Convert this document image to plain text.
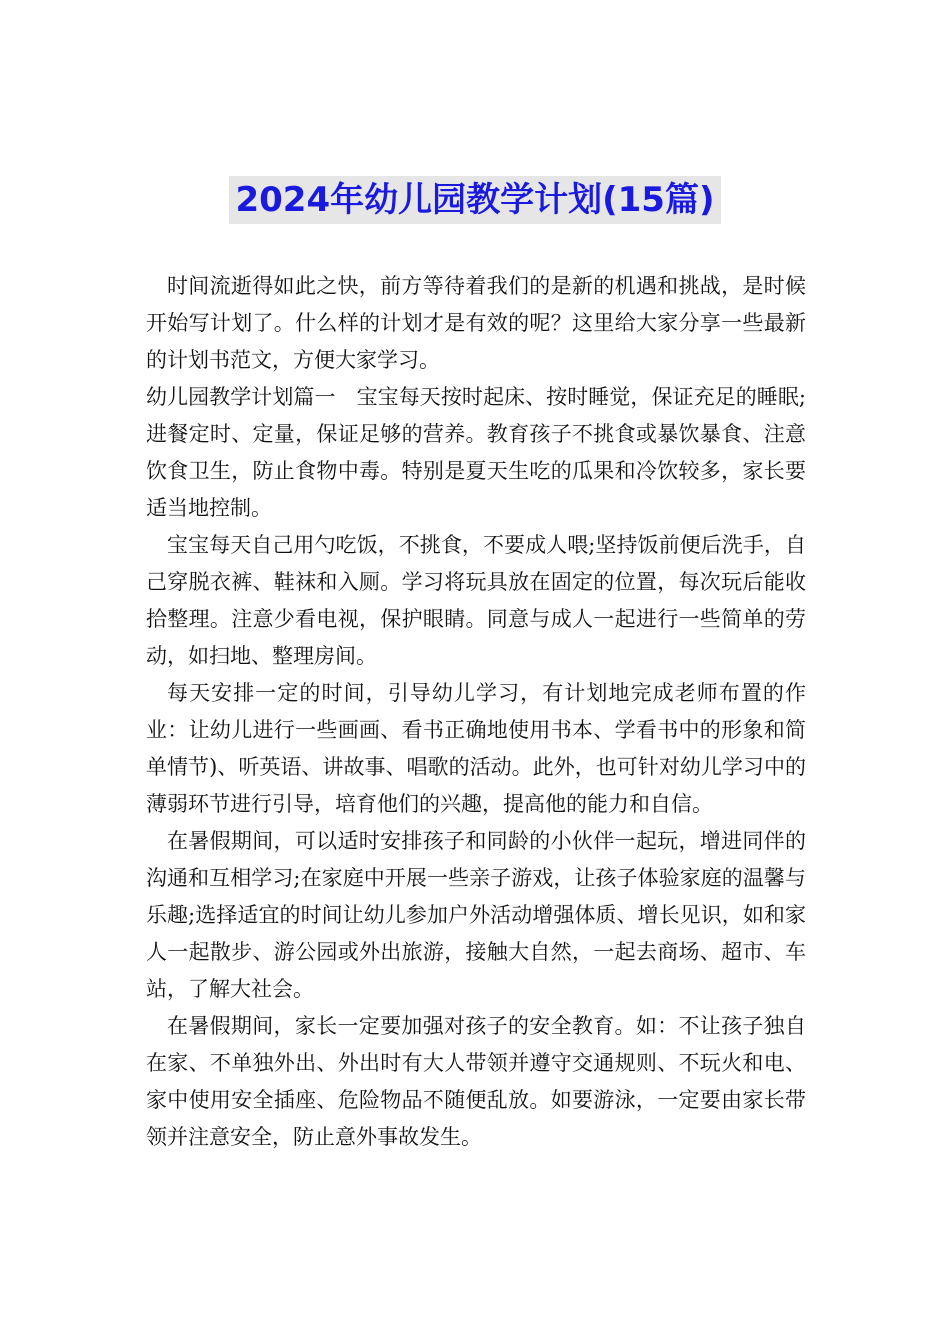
2024年幼儿园教学计划(15篇)

时间流逝得如此之快，前方等待着我们的是新的机遇和挑战，是时候开始写计划了。什么样的计划才是有效的呢？这里给大家分享一些最新的计划书范文，方便大家学习。

幼儿园教学计划篇一　宝宝每天按时起床、按时睡觉，保证充足的睡眠;进餐定时、定量，保证足够的营养。教育孩子不挑食或暴饮暴食、注意饮食卫生，防止食物中毒。特别是夏天生吃的瓜果和冷饮较多，家长要适当地控制。

宝宝每天自己用勺吃饭，不挑食，不要成人喂;坚持饭前便后洗手，自己穿脱衣裤、鞋袜和入厕。学习将玩具放在固定的位置，每次玩后能收拾整理。注意少看电视，保护眼睛。同意与成人一起进行一些简单的劳动，如扫地、整理房间。

每天安排一定的时间，引导幼儿学习，有计划地完成老师布置的作业：让幼儿进行一些画画、看书正确地使用书本、学看书中的形象和简单情节)、听英语、讲故事、唱歌的活动。此外，也可针对幼儿学习中的薄弱环节进行引导，培育他们的兴趣，提高他的能力和自信。

在暑假期间，可以适时安排孩子和同龄的小伙伴一起玩，增进同伴的沟通和互相学习;在家庭中开展一些亲子游戏，让孩子体验家庭的温馨与乐趣;选择适宜的时间让幼儿参加户外活动增强体质、增长见识，如和家人一起散步、游公园或外出旅游，接触大自然，一起去商场、超市、车站，了解大社会。

在暑假期间，家长一定要加强对孩子的安全教育。如：不让孩子独自在家、不单独外出、外出时有大人带领并遵守交通规则、不玩火和电、家中使用安全插座、危险物品不随便乱放。如要游泳，一定要由家长带领并注意安全，防止意外事故发生。
